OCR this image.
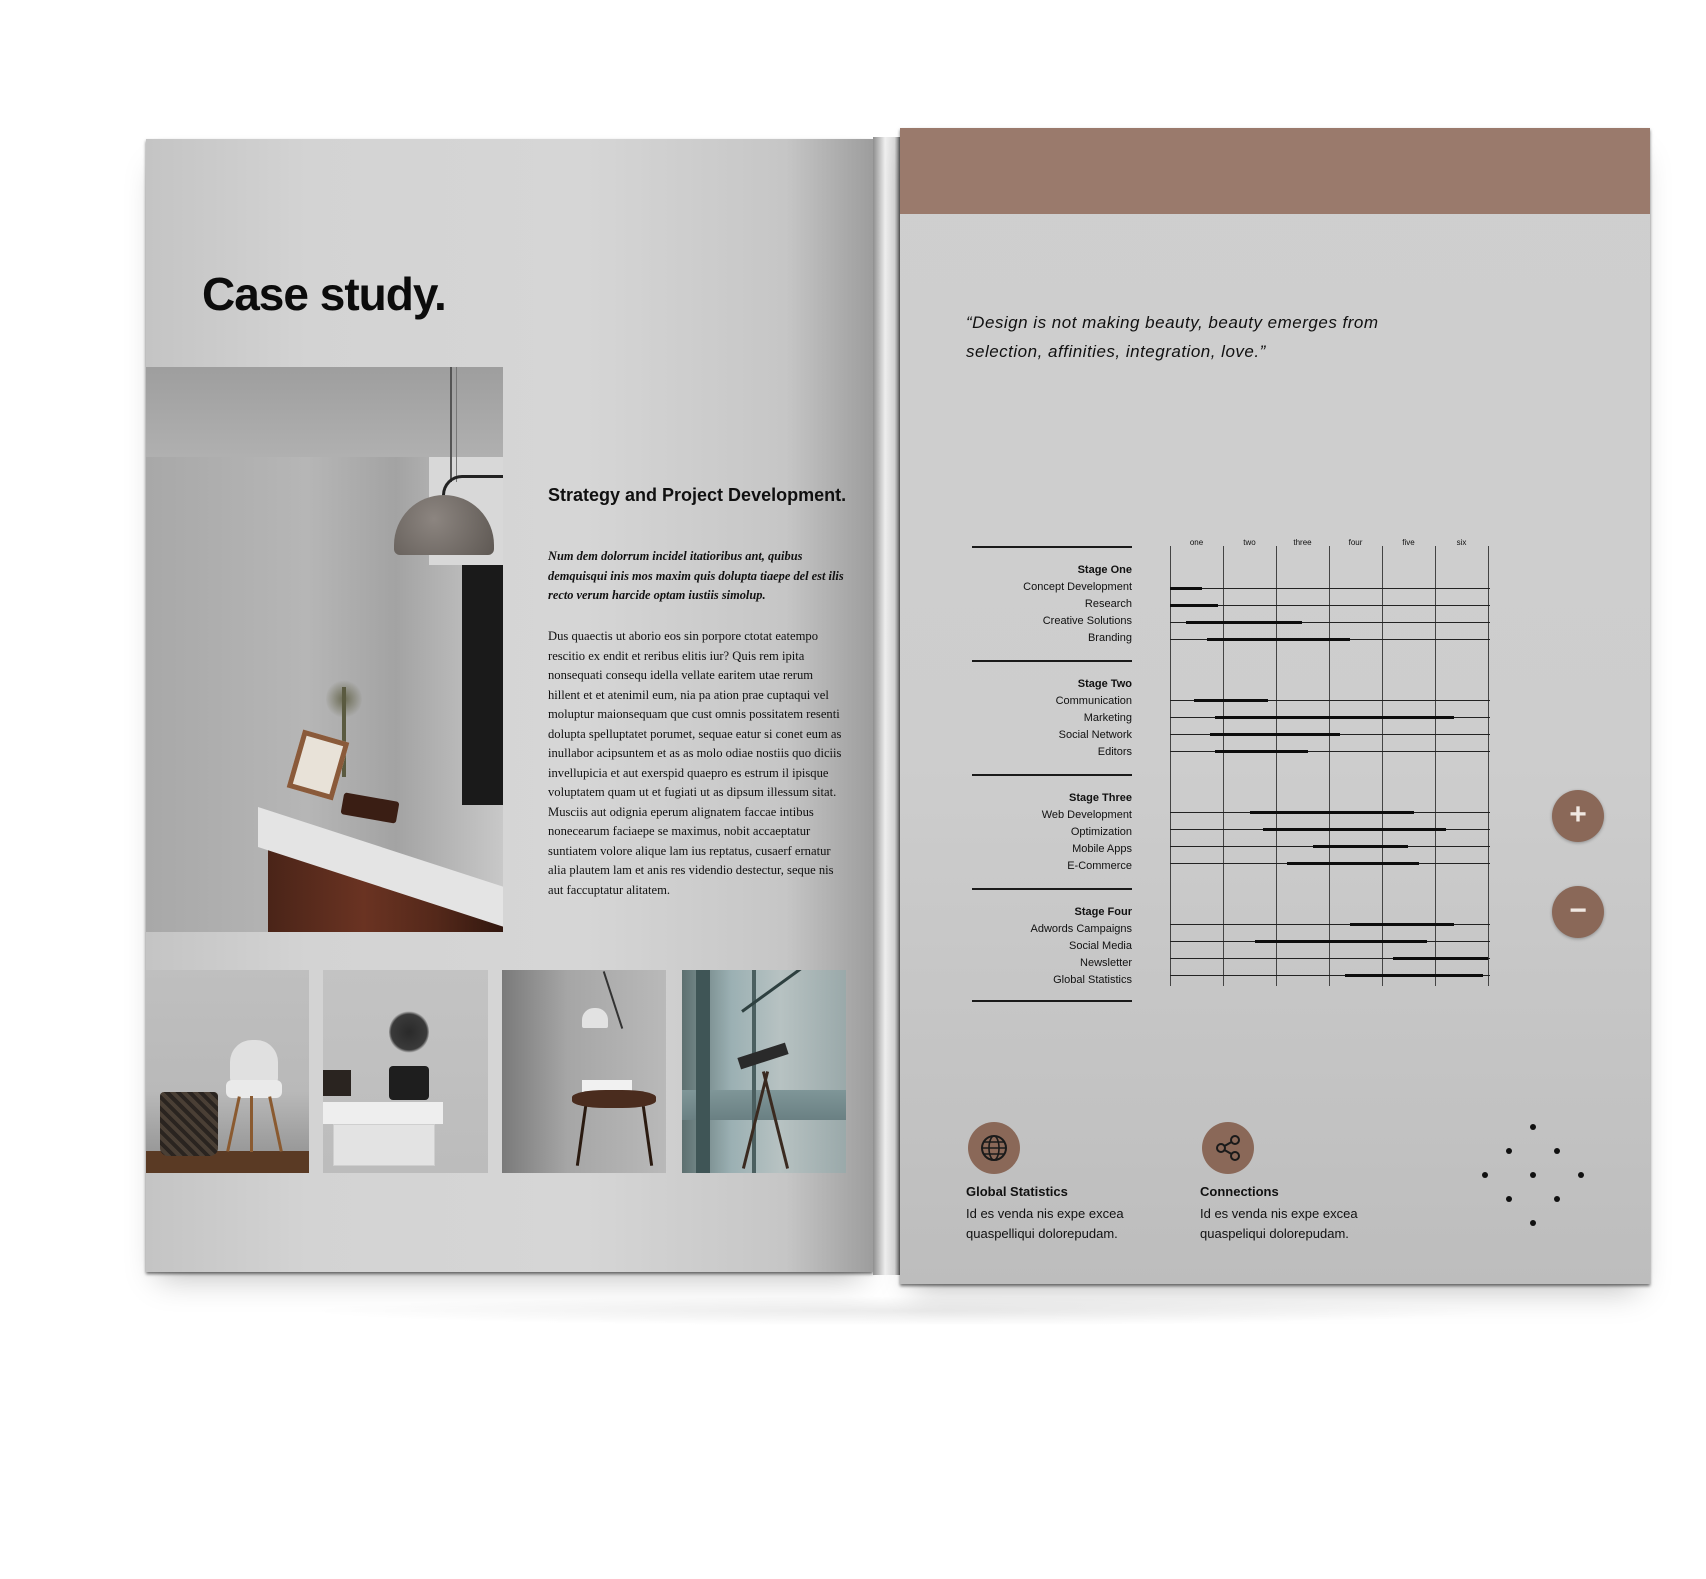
Case study.
Strategy and Project Development.
Num dem dolorrum incidel itatioribus ant, quibus demquisqui inis mos maxim quis dolupta tiaepe del est ilis recto verum harcide optam iustiis simolup.
Dus quaectis ut aborio eos sin porpore ctotat eatempo rescitio ex endit et reribus elitis iur? Quis rem ipita nonsequati consequ idella vellate earitem utae rerum hillent et et atenimil eum, nia pa ation prae cuptaqui vel moluptur maionsequam que cust omnis possitatem resenti dolupta spelluptatet porumet, sequae eatur si conet eum as inullabor acipsuntem et as as molo odiae nostiis quo diciis invellupicia et aut exerspid quaepro es estrum il ipisque voluptatem quam ut et fugiati ut as dipsum illessum sitat.
Musciis aut odignia eperum alignatem faccae intibus nonecearum faciaepe se maximus, nobit accaeptatur suntiatem volore alique lam ius reptatus, cusaerf ernatur alia plautem lam et anis res videndio destectur, seque nis aut faccuptatur alitatem.
“Design is not making beauty, beauty emerges from selection, affinities, integration, love.”
Stage One
Concept Development
Research
Creative Solutions
Branding
Stage Two
Communication
Marketing
Social Network
Editors
Stage Three
Web Development
Optimization
Mobile Apps
E-Commerce
Stage Four
Adwords Campaigns
Social Media
Newsletter
Global Statistics
one	two	three	four	five	six
+
−
Global Statistics
Id es venda nis expe excea quaspelliqui dolorepudam.
Connections
Id es venda nis expe excea quaspeliqui dolorepudam.
